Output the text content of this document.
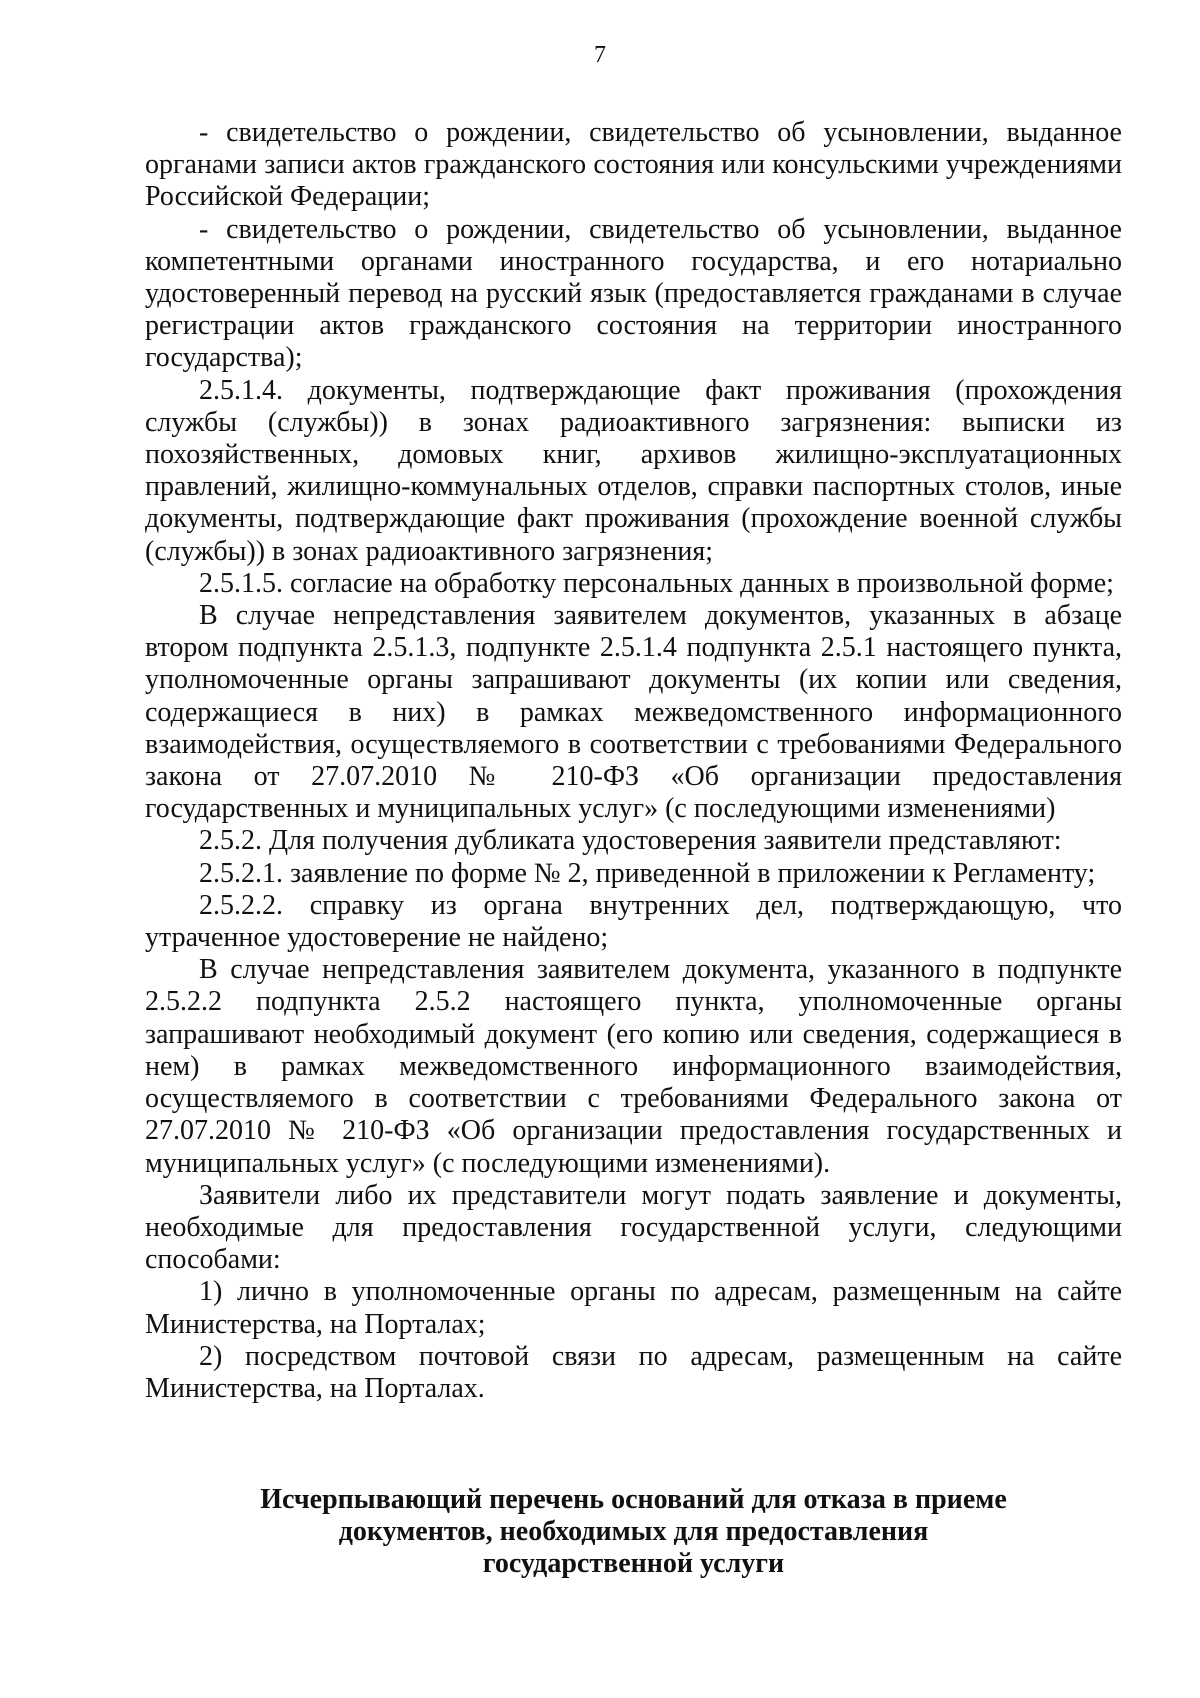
7

- свидетельство о рождении, свидетельство об усыновлении, выданное органами записи актов гражданского состояния или консульскими учреждениями Российской Федерации;

- свидетельство о рождении, свидетельство об усыновлении, выданное компетентными органами иностранного государства, и его нотариально удостоверенный перевод на русский язык (предоставляется гражданами в случае регистрации актов гражданского состояния на территории иностранного государства);

2.5.1.4. документы, подтверждающие факт проживания (прохождения службы (службы)) в зонах радиоактивного загрязнения: выписки из похозяйственных, домовых книг, архивов жилищно-эксплуатационных правлений, жилищно-коммунальных отделов, справки паспортных столов, иные документы, подтверждающие факт проживания (прохождение военной службы (службы)) в зонах радиоактивного загрязнения;

2.5.1.5. согласие на обработку персональных данных в произвольной форме;

В случае непредставления заявителем документов, указанных в абзаце втором подпункта 2.5.1.3, подпункте 2.5.1.4 подпункта 2.5.1 настоящего пункта, уполномоченные органы запрашивают документы (их копии или сведения, содержащиеся в них) в рамках межведомственного информационного взаимодействия, осуществляемого в соответствии с требованиями Федерального закона от 27.07.2010 № 210-ФЗ «Об организации предоставления государственных и муниципальных услуг» (с последующими изменениями)

2.5.2. Для получения дубликата удостоверения заявители представляют:

2.5.2.1. заявление по форме № 2, приведенной в приложении к Регламенту;

2.5.2.2. справку из органа внутренних дел, подтверждающую, что утраченное удостоверение не найдено;

В случае непредставления заявителем документа, указанного в подпункте 2.5.2.2 подпункта 2.5.2 настоящего пункта, уполномоченные органы запрашивают необходимый документ (его копию или сведения, содержащиеся в нем) в рамках межведомственного информационного взаимодействия, осуществляемого в соответствии с требованиями Федерального закона от 27.07.2010 № 210-ФЗ «Об организации предоставления государственных и муниципальных услуг» (с последующими изменениями).

Заявители либо их представители могут подать заявление и документы, необходимые для предоставления государственной услуги, следующими способами:

1) лично в уполномоченные органы по адресам, размещенным на сайте Министерства, на Порталах;

2) посредством почтовой связи по адресам, размещенным на сайте Министерства, на Порталах.

Исчерпывающий перечень оснований для отказа в приеме
документов, необходимых для предоставления
государственной услуги
